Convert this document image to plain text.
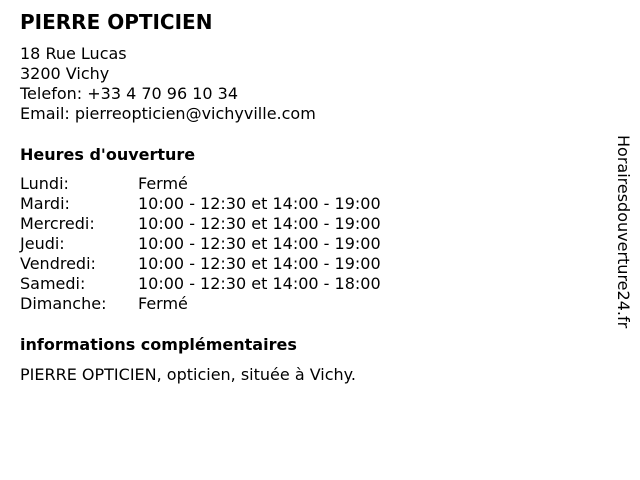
PIERRE OPTICIEN
18 Rue Lucas
3200 Vichy
Telefon: +33 4 70 96 10 34
Email: pierreopticien@vichyville.com
Heures d'ouverture
Lundi:	Fermé
Mardi:	10:00 - 12:30 et 14:00 - 19:00
Mercredi:	10:00 - 12:30 et 14:00 - 19:00
Jeudi:	10:00 - 12:30 et 14:00 - 19:00
Vendredi:	10:00 - 12:30 et 14:00 - 19:00
Samedi:	10:00 - 12:30 et 14:00 - 18:00
Dimanche: Fermé
informations complémentaires
PIERRE OPTICIEN, opticien, située à Vichy.
Horairesdouverture24.fr
